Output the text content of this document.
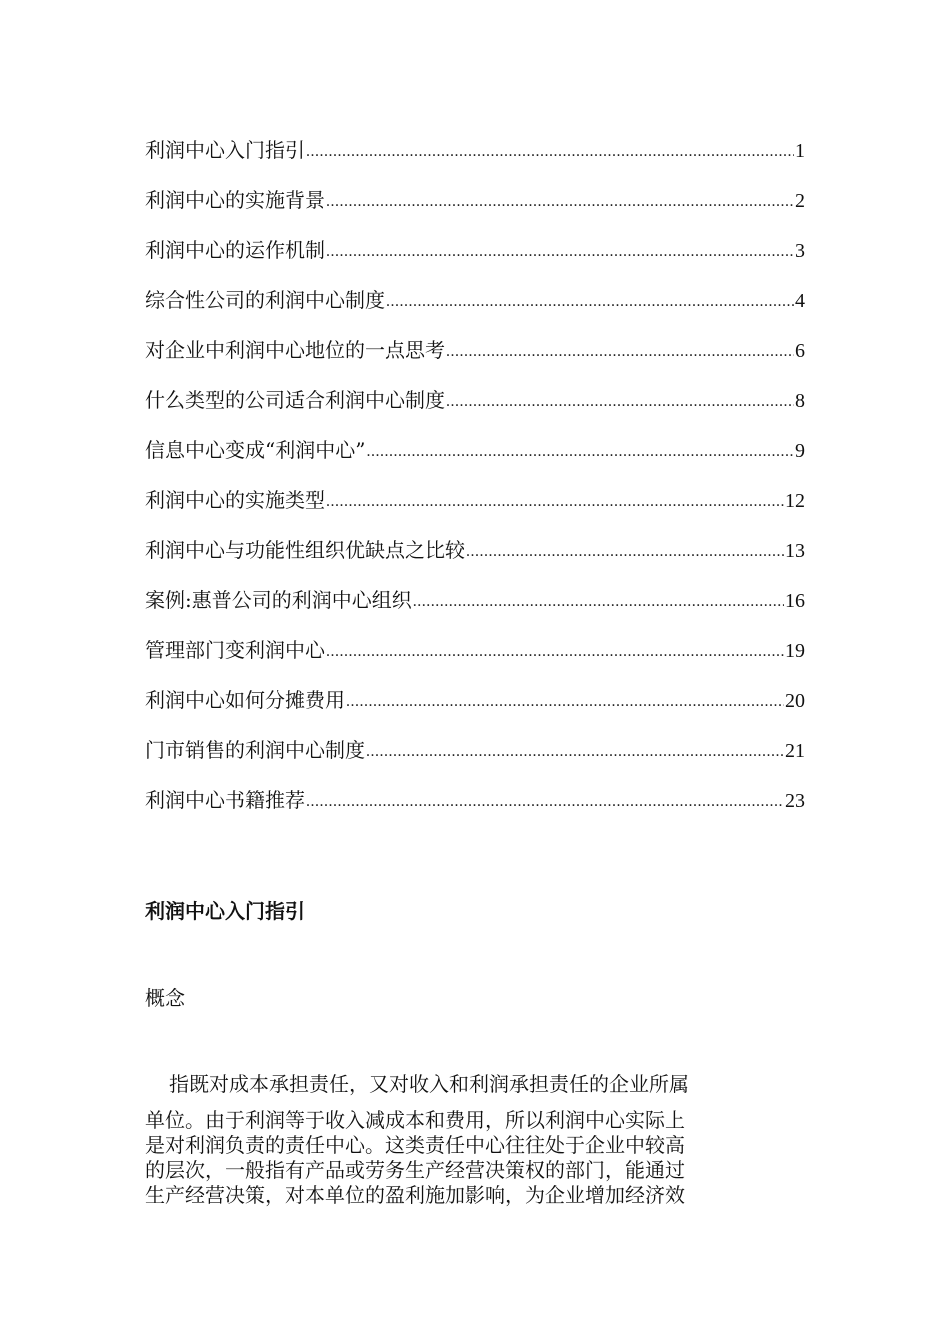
利润中心入门指引 .....	1
利润中心的实施背景 .....	2
利润中心的运作机制 .....	3
综合性公司的利润中心制度 .....	4
对企业中利润中心地位的一点思考 .....	6
什么类型的公司适合利润中心制度 .....	8
信息中心变成“利润中心” .....	9
利润中心的实施类型 .....	12
利润中心与功能性组织优缺点之比较 .....	13
案例:惠普公司的利润中心组织 .....	16
管理部门变利润中心 .....	19
利润中心如何分摊费用 .....	20
门市销售的利润中心制度 .....	21
利润中心书籍推荐 .....	23
利润中心入门指引
概念
指既对成本承担责任，又对收入和利润承担责任的企业所属
单位。由于利润等于收入减成本和费用，所以利润中心实际上
是对利润负责的责任中心。这类责任中心往往处于企业中较高
的层次，一般指有产品或劳务生产经营决策权的部门，能通过
生产经营决策，对本单位的盈利施加影响，为企业增加经济效
